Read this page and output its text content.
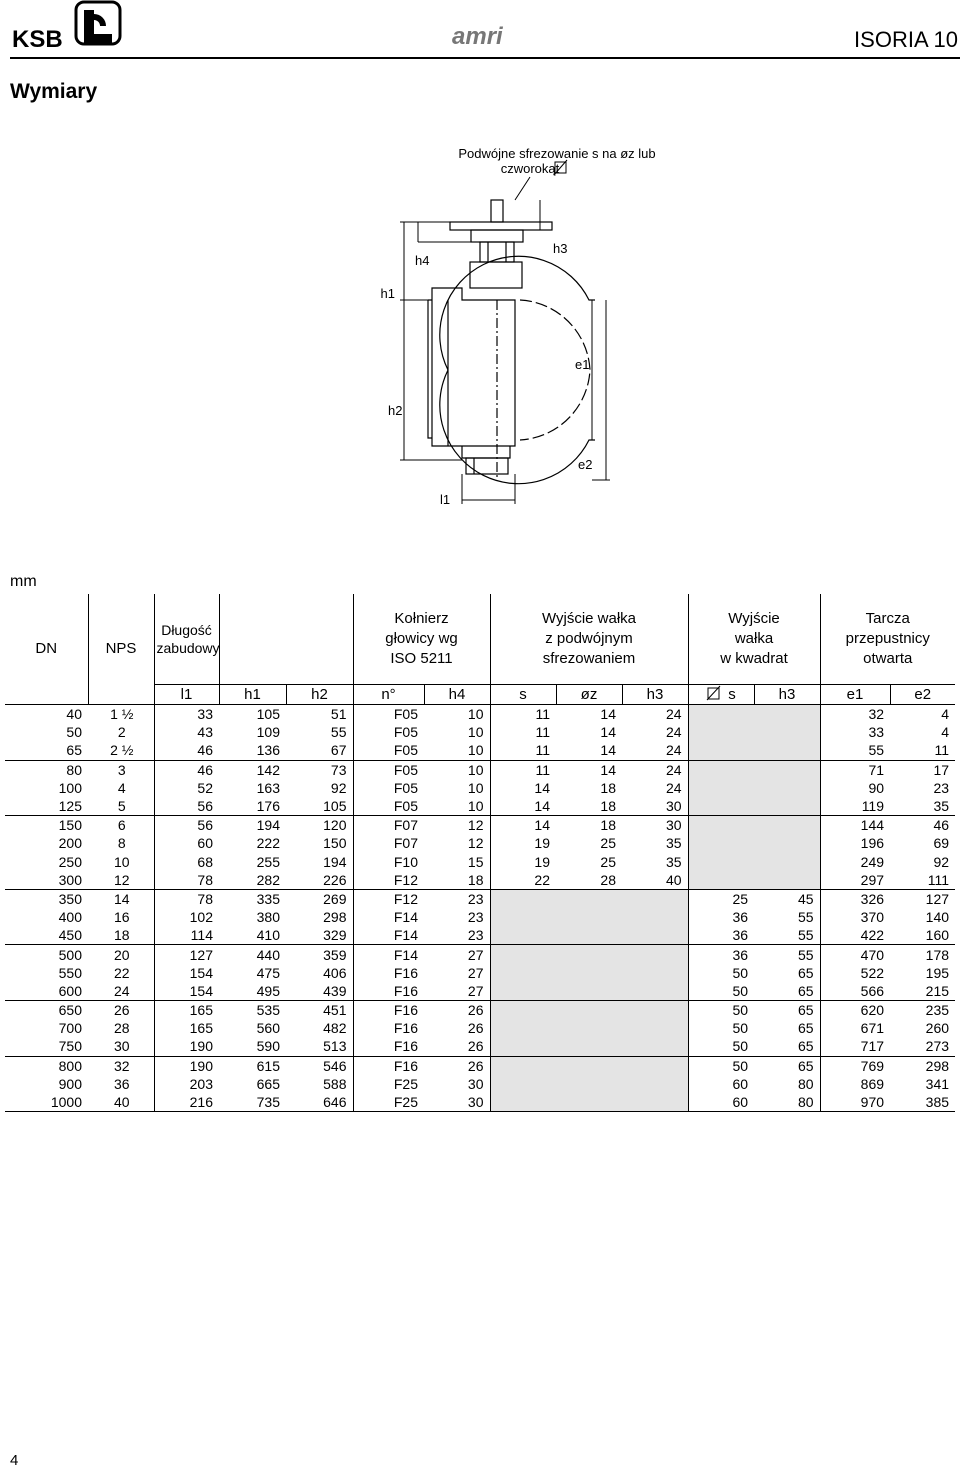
KSB	amri	ISORIA 10
Wymiary
Podwójne sfrezowanie s na øz lub
czworokąt
h1
h4
h3
e1
h2
e2
l1
mm
DN	NPS	Długość
zabudowy			Kołnierz
głowicy wg
ISO 5211		Wyjście wałka
z podwójnym
sfrezowaniem			Wyjście
wałka
w kwadrat		Tarcza
przepustnicy
otwarta	
		l1	h1	h2	n°	h4	s	øz	h3	s	h3	e1	e2
40	1 ½	33	105	51	F05	10	11	14	24			32	4
50	2	43	109	55	F05	10	11	14	24			33	4
65	2 ½	46	136	67	F05	10	11	14	24			55	11
80	3	46	142	73	F05	10	11	14	24			71	17
100	4	52	163	92	F05	10	14	18	24			90	23
125	5	56	176	105	F05	10	14	18	30			119	35
150	6	56	194	120	F07	12	14	18	30			144	46
200	8	60	222	150	F07	12	19	25	35			196	69
250	10	68	255	194	F10	15	19	25	35			249	92
300	12	78	282	226	F12	18	22	28	40			297	111
350	14	78	335	269	F12	23				25	45	326	127
400	16	102	380	298	F14	23				36	55	370	140
450	18	114	410	329	F14	23				36	55	422	160
500	20	127	440	359	F14	27				36	55	470	178
550	22	154	475	406	F16	27				50	65	522	195
600	24	154	495	439	F16	27				50	65	566	215
650	26	165	535	451	F16	26				50	65	620	235
700	28	165	560	482	F16	26				50	65	671	260
750	30	190	590	513	F16	26				50	65	717	273
800	32	190	615	546	F16	26				50	65	769	298
900	36	203	665	588	F25	30				60	80	869	341
1000	40	216	735	646	F25	30				60	80	970	385
4
